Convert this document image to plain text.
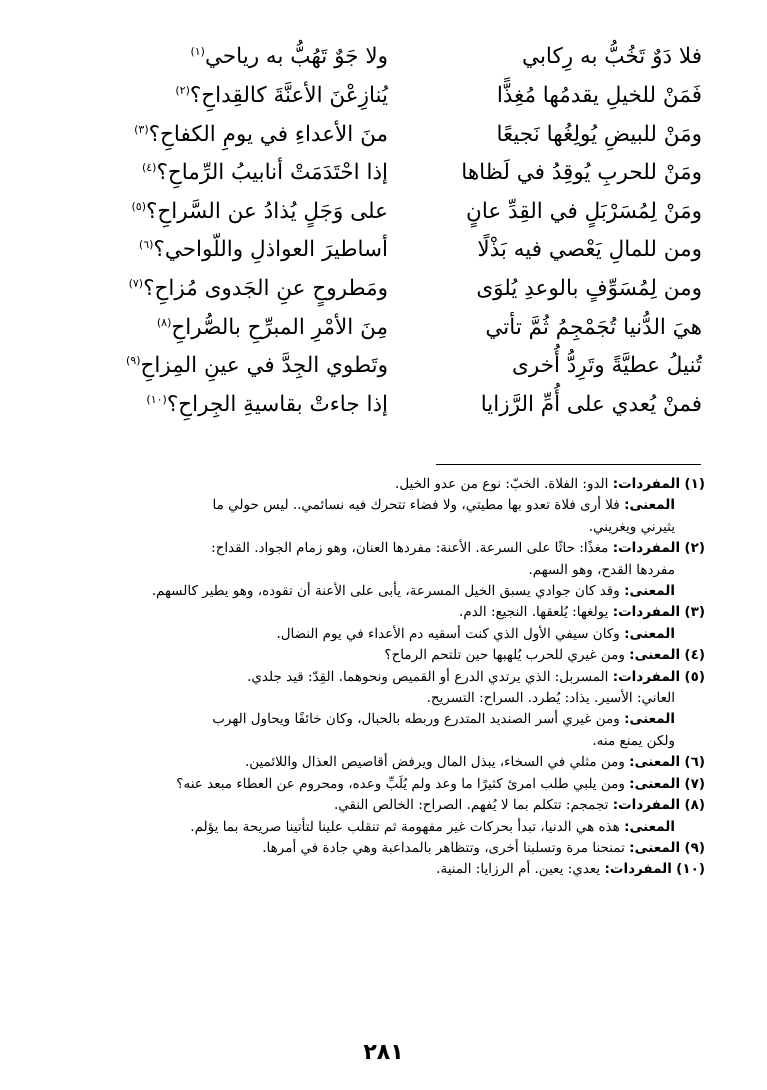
فلا دَوٌ تَخُبُّ به رِكابي
ولا جَوٌ تَهُبُّ به رياحي$^{(١)}$
فَمَنْ للخيلِ يقدمُها مُغِذًّا
يُنازِعْنَ الأعنَّةَ كالقِداحِ؟$^{(٢)}$
ومَنْ للبيضِ يُولِغُها نَجيعًا
منَ الأعداءِ في يومِ الكفاحِ؟$^{(٣)}$
ومَنْ للحربِ يُوقِدُ في لَظاها
إذا احْتَدَمَتْ أنابيبُ الرِّماحِ؟$^{(٤)}$
ومَنْ لِمُسَرْبَلٍ في القِدِّ عانٍ
على وَجَلٍ يُذادُ عن السَّراحِ؟$^{(٥)}$
ومن للمالِ يَعْصي فيه بَذْلًا
أساطيرَ العواذلِ واللّواحي؟$^{(٦)}$
ومن لِمُسَوِّفٍ بالوعدِ يُلوَى
ومَطروحٍ عنِ الجَدوى مُزاحِ؟$^{(٧)}$
هيَ الدُّنيا تُجَمْجِمُ ثُمَّ تأتي
مِنَ الأمْرِ المبرِّحِ بالصُّراحِ$^{(٨)}$
تُنيلُ عطيَّةً وتَرِدُّ أُخرى
وتَطوي الجِدَّ في عينِ المِزاحِ$^{(٩)}$
فمنْ يُعدي على أُمِّ الرَّزايا
إذا جاءتْ بقاسيةِ الجِراحِ؟$^{(١٠)}$
(١) المفردات: الدو: الفلاة. الخبّ: نوع من عدو الخيل.
المعنى: فلا أرى فلاة تعدو بها مطيتي، ولا فضاء تتحرك فيه نسائمي.. ليس حولي ما
يثيرني ويغريني.
(٢) المفردات: مغذًا: حاثًا على السرعة. الأعنة: مفردها العنان، وهو زمام الجواد. القداح:
مفردها القدح، وهو السهم.
المعنى: وقد كان جوادي يسبق الخيل المسرعة، يأبى على الأعنة أن تقوده، وهو يطير كالسهم.
(٣) المفردات: يولغها: يُلعقها. النجيع: الدم.
المعنى: وكان سيفي الأول الذي كنت أسقيه دم الأعداء في يوم النضال.
(٤) المعنى: ومن غيري للحرب يُلهبها حين تلتحم الرماح؟
(٥) المفردات: المسربل: الذي يرتدي الدرع أو القميص ونحوهما. القِدّ: قيد جلدي.
العاني: الأسير. يذاد: يُطرد. السراح: التسريح.
المعنى: ومن غيري أسر الصنديد المتدرع وربطه بالحبال، وكان خائفًا ويحاول الهرب
ولكن يمنع منه.
(٦) المعنى: ومن مثلي في السخاء، يبذل المال ويرفض أقاصيص العذال واللائمين.
(٧) المعنى: ومن يلبي طلب امرئ كثيرًا ما وعد ولم يُلَبِّ وعده، ومحروم عن العطاء مبعد عنه؟
(٨) المفردات: تجمجم: تتكلم بما لا يُفهم. الصراح: الخالص النقي.
المعنى: هذه هي الدنيا، تبدأ بحركات غير مفهومة ثم تنقلب علينا لتأتينا صريحة بما يؤلم.
(٩) المعنى: تمنحنا مرة وتسلبنا أخرى، وتتظاهر بالمداعبة وهي جادة في أمرها.
(١٠) المفردات: يعدي: يعين. أم الرزايا: المنية.
٢٨١
